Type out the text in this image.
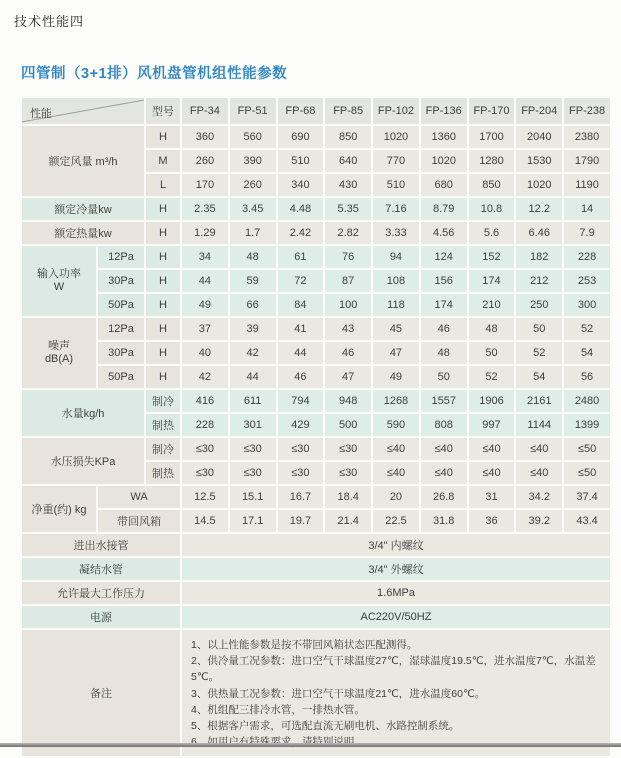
技术性能四
四管制（3+1排）风机盘管机组性能参数
性能		型号	FP-34	FP-51	FP-68	FP-85	FP-102	FP-136	FP-170	FP-204	FP-238
额定风量 m³/h		H	360	560	690	850	1020	1360	1700	2040	2380
		M	260	390	510	640	770	1020	1280	1530	1790
		L	170	260	340	430	510	680	850	1020	1190
额定冷量kw		H	2.35	3.45	4.48	5.35	7.16	8.79	10.8	12.2	14
额定热量kw		H	1.29	1.7	2.42	2.82	3.33	4.56	5.6	6.46	7.9
输入功率
W	12Pa	H	34	48	61	76	94	124	152	182	228
	30Pa	H	44	59	72	87	108	156	174	212	253
	50Pa	H	49	66	84	100	118	174	210	250	300
噪声
dB(A)	12Pa	H	37	39	41	43	45	46	48	50	52
	30Pa	H	40	42	44	46	47	48	50	52	54
	50Pa	H	42	44	46	47	49	50	52	54	56
水量kg/h		制冷	416	611	794	948	1268	1557	1906	2161	2480
		制热	228	301	429	500	590	808	997	1144	1399
水压损失KPa		制冷	≤30	≤30	≤30	≤30	≤40	≤40	≤40	≤40	≤50
		制热	≤30	≤30	≤30	≤30	≤40	≤40	≤40	≤40	≤50
净重(约) kg	WA		12.5	15.1	16.7	18.4	20	26.8	31	34.2	37.4
	带回风箱		14.5	17.1	19.7	21.4	22.5	31.8	36	39.2	43.4
进出水接管			3/4" 内螺纹								
凝结水管			3/4" 外螺纹								
允许最大工作压力			1.6MPa								
电源			AC220V/50HZ								
备注	
1、以上性能参数是按不带回风箱状态匹配测得。
2、供冷量工况参数：进口空气干球温度27℃，湿球温度19.5℃，进水温度7℃，水温差5℃。
3、供热量工况参数：进口空气干球温度21℃，进水温度60℃。
4、机组配三排冷水管，一排热水管。
5、根据客户需求，可选配直流无刷电机、水路控制系统。
